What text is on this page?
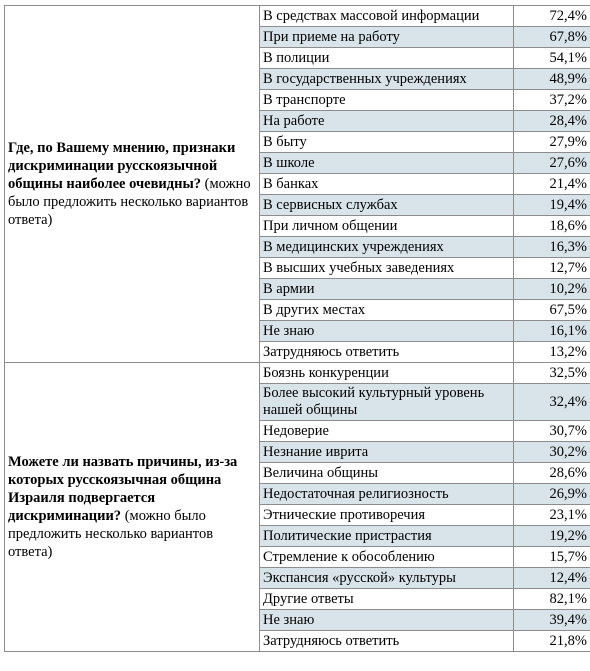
Где, по Вашему мнению, признаки дискриминации русскоязычной общины наиболее очевидны? (можно было предложить несколько вариантов ответа)	В средствах массовой информации	72,4%
	При приеме на работу	67,8%
	В полиции	54,1%
	В государственных учреждениях	48,9%
	В транспорте	37,2%
	На работе	28,4%
	В быту	27,9%
	В школе	27,6%
	В банках	21,4%
	В сервисных службах	19,4%
	При личном общении	18,6%
	В медицинских учреждениях	16,3%
	В высших учебных заведениях	12,7%
	В армии	10,2%
	В других местах	67,5%
	Не знаю	16,1%
	Затрудняюсь ответить	13,2%
Можете ли назвать причины, из-за которых русскоязычная община Израиля подвергается дискриминации? (можно было предложить несколько вариантов ответа)	Боязнь конкуренции	32,5%
	Более высокий культурный уровень нашей общины	32,4%
	Недоверие	30,7%
	Незнание иврита	30,2%
	Величина общины	28,6%
	Недостаточная религиозность	26,9%
	Этнические противоречия	23,1%
	Политические пристрастия	19,2%
	Стремление к обособлению	15,7%
	Экспансия «русской» культуры	12,4%
	Другие ответы	82,1%
	Не знаю	39,4%
	Затрудняюсь ответить	21,8%
